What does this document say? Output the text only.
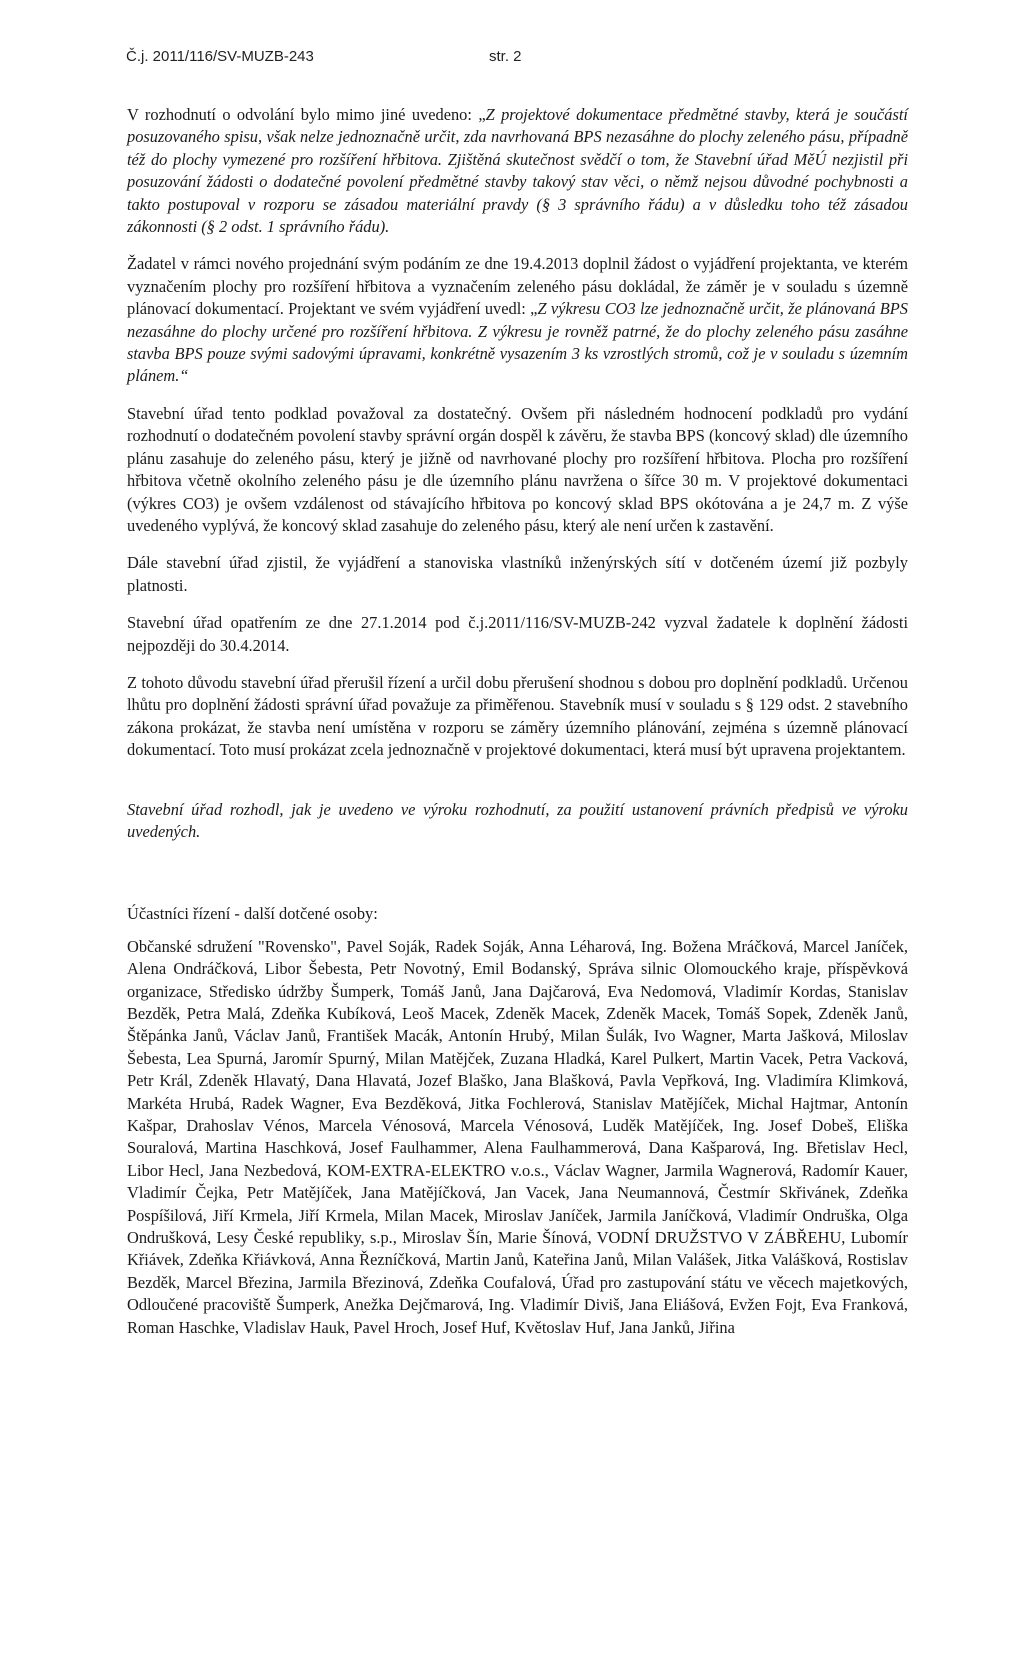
Č.j. 2011/116/SV-MUZB-243	str. 2

V rozhodnutí o odvolání bylo mimo jiné uvedeno: „Z projektové dokumentace předmětné stavby, která je součástí posuzovaného spisu, však nelze jednoznačně určit, zda navrhovaná BPS nezasáhne do plochy zeleného pásu, případně též do plochy vymezené pro rozšíření hřbitova. Zjištěná skutečnost svědčí o tom, že Stavební úřad MěÚ nezjistil při posuzování žádosti o dodatečné povolení předmětné stavby takový stav věci, o němž nejsou důvodné pochybnosti a takto postupoval v rozporu se zásadou materiální pravdy (§ 3 správního řádu) a v důsledku toho též zásadou zákonnosti (§ 2 odst. 1 správního řádu).

Žadatel v rámci nového projednání svým podáním ze dne 19.4.2013 doplnil žádost o vyjádření projektanta, ve kterém vyznačením plochy pro rozšíření hřbitova a vyznačením zeleného pásu dokládal, že záměr je v souladu s územně plánovací dokumentací. Projektant ve svém vyjádření uvedl: „Z výkresu CO3 lze jednoznačně určit, že plánovaná BPS nezasáhne do plochy určené pro rozšíření hřbitova. Z výkresu je rovněž patrné, že do plochy zeleného pásu zasáhne stavba BPS pouze svými sadovými úpravami, konkrétně vysazením 3 ks vzrostlých stromů, což je v souladu s územním plánem.“

Stavební úřad tento podklad považoval za dostatečný. Ovšem při následném hodnocení podkladů pro vydání rozhodnutí o dodatečném povolení stavby správní orgán dospěl k závěru, že stavba BPS (koncový sklad) dle územního plánu zasahuje do zeleného pásu, který je jižně od navrhované plochy pro rozšíření hřbitova. Plocha pro rozšíření hřbitova včetně okolního zeleného pásu je dle územního plánu navržena o šířce 30 m. V projektové dokumentaci (výkres CO3) je ovšem vzdálenost od stávajícího hřbitova po koncový sklad BPS okótována a je 24,7 m. Z výše uvedeného vyplývá, že koncový sklad zasahuje do zeleného pásu, který ale není určen k zastavění.

Dále stavební úřad zjistil, že vyjádření a stanoviska vlastníků inženýrských sítí v dotčeném území již pozbyly platnosti.

Stavební úřad opatřením ze dne 27.1.2014 pod č.j.2011/116/SV-MUZB-242 vyzval žadatele k doplnění žádosti nejpozději do 30.4.2014.

Z tohoto důvodu stavební úřad přerušil řízení a určil dobu přerušení shodnou s dobou pro doplnění podkladů. Určenou lhůtu pro doplnění žádosti správní úřad považuje za přiměřenou. Stavebník musí v souladu s § 129 odst. 2 stavebního zákona prokázat, že stavba není umístěna v rozporu se záměry územního plánování, zejména s územně plánovací dokumentací. Toto musí prokázat zcela jednoznačně v projektové dokumentaci, která musí být upravena projektantem.

Stavební úřad rozhodl, jak je uvedeno ve výroku rozhodnutí, za použití ustanovení právních předpisů ve výroku uvedených.

Účastníci řízení - další dotčené osoby:

Občanské sdružení "Rovensko", Pavel Soják, Radek Soják, Anna Léharová, Ing. Božena Mráčková, Marcel Janíček, Alena Ondráčková, Libor Šebesta, Petr Novotný, Emil Bodanský, Správa silnic Olomouckého kraje, příspěvková organizace, Středisko údržby Šumperk, Tomáš Janů, Jana Dajčarová, Eva Nedomová, Vladimír Kordas, Stanislav Bezděk, Petra Malá, Zdeňka Kubíková, Leoš Macek, Zdeněk Macek, Zdeněk Macek, Tomáš Sopek, Zdeněk Janů, Štěpánka Janů, Václav Janů, František Macák, Antonín Hrubý, Milan Šulák, Ivo Wagner, Marta Jašková, Miloslav Šebesta, Lea Spurná, Jaromír Spurný, Milan Matějček, Zuzana Hladká, Karel Pulkert, Martin Vacek, Petra Vacková, Petr Král, Zdeněk Hlavatý, Dana Hlavatá, Jozef Blaško, Jana Blašková, Pavla Vepřková, Ing. Vladimíra Klimková, Markéta Hrubá, Radek Wagner, Eva Bezděková, Jitka Fochlerová, Stanislav Matějíček, Michal Hajtmar, Antonín Kašpar, Drahoslav Vénos, Marcela Vénosová, Marcela Vénosová, Luděk Matějíček, Ing. Josef Dobeš, Eliška Souralová, Martina Haschková, Josef Faulhammer, Alena Faulhammerová, Dana Kašparová, Ing. Břetislav Hecl, Libor Hecl, Jana Nezbedová, KOM-EXTRA-ELEKTRO v.o.s., Václav Wagner, Jarmila Wagnerová, Radomír Kauer, Vladimír Čejka, Petr Matějíček, Jana Matějíčková, Jan Vacek, Jana Neumannová, Čestmír Skřivánek, Zdeňka Pospíšilová, Jiří Krmela, Jiří Krmela, Milan Macek, Miroslav Janíček, Jarmila Janíčková, Vladimír Ondruška, Olga Ondrušková, Lesy České republiky, s.p., Miroslav Šín, Marie Šínová, VODNÍ DRUŽSTVO V ZÁBŘEHU, Lubomír Křiávek, Zdeňka Křiávková, Anna Řezníčková, Martin Janů, Kateřina Janů, Milan Valášek, Jitka Valášková, Rostislav Bezděk, Marcel Březina, Jarmila Březinová, Zdeňka Coufalová, Úřad pro zastupování státu ve věcech majetkových, Odloučené pracoviště Šumperk, Anežka Dejčmarová, Ing. Vladimír Diviš, Jana Eliášová, Evžen Fojt, Eva Franková, Roman Haschke, Vladislav Hauk, Pavel Hroch, Josef Huf, Květoslav Huf, Jana Janků, Jiřina
